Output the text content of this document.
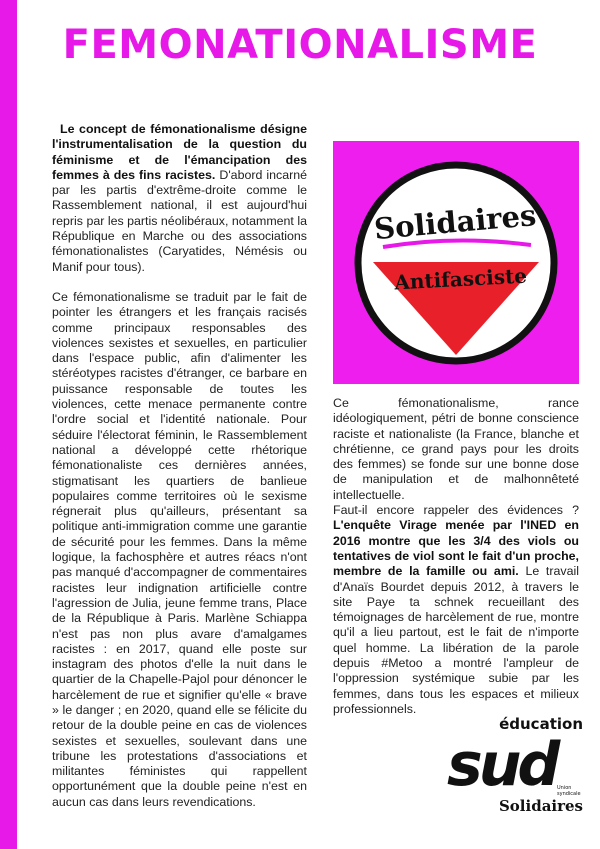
FEMONATIONALISME

Le concept de fémonationalisme désigne l'instrumentalisation de la question du féminisme et de l'émancipation des femmes à des fins racistes. D'abord incarné par les partis d'extrême-droite comme le Rassemblement national, il est aujourd'hui repris par les partis néolibéraux, notamment la République en Marche ou des associations fémonationalistes (Caryatides, Némésis ou Manif pour tous).

Ce fémonationalisme se traduit par le fait de pointer les étrangers et les français racisés comme principaux responsables des violences sexistes et sexuelles, en particulier dans l'espace public, afin d'alimenter les stéréotypes racistes d'étranger, ce barbare en puissance responsable de toutes les violences, cette menace permanente contre l'ordre social et l'identité nationale. Pour séduire l'électorat féminin, le Rassemblement national a développé cette rhétorique fémonationaliste ces dernières années, stigmatisant les quartiers de banlieue populaires comme territoires où le sexisme régnerait plus qu'ailleurs, présentant sa politique anti-immigration comme une garantie de sécurité pour les femmes. Dans la même logique, la fachosphère et autres réacs n'ont pas manqué d'accompagner de commentaires racistes leur indignation artificielle contre l'agression de Julia, jeune femme trans, Place de la République à Paris. Marlène Schiappa n'est pas non plus avare d'amalgames racistes : en 2017, quand elle poste sur instagram des photos d'elle la nuit dans le quartier de la Chapelle-Pajol pour dénoncer le harcèlement de rue et signifier qu'elle « brave » le danger ; en 2020, quand elle se félicite du retour de la double peine en cas de violences sexistes et sexuelles, soulevant dans une tribune les protestations d'associations et militantes féministes qui rappellent opportunément que la double peine n'est en aucun cas dans leurs revendications.

Solidaires
Antifasciste

Ce fémonationalisme, rance idéologiquement, pétri de bonne conscience raciste et nationaliste (la France, blanche et chrétienne, ce grand pays pour les droits des femmes) se fonde sur une bonne dose de manipulation et de malhonnêteté intellectuelle.

Faut-il encore rappeler des évidences ? L'enquête Virage menée par l'INED en 2016 montre que les 3/4 des viols ou tentatives de viol sont le fait d'un proche, membre de la famille ou ami. Le travail d'Anaïs Bourdet depuis 2012, à travers le site Paye ta schnek recueillant des témoignages de harcèlement de rue, montre qu'il a lieu partout, est le fait de n'importe quel homme. La libération de la parole depuis #Metoo a montré l'ampleur de l'oppression systémique subie par les femmes, dans tous les espaces et milieux professionnels.

éducation
sud Union
syndicale
Solidaires
